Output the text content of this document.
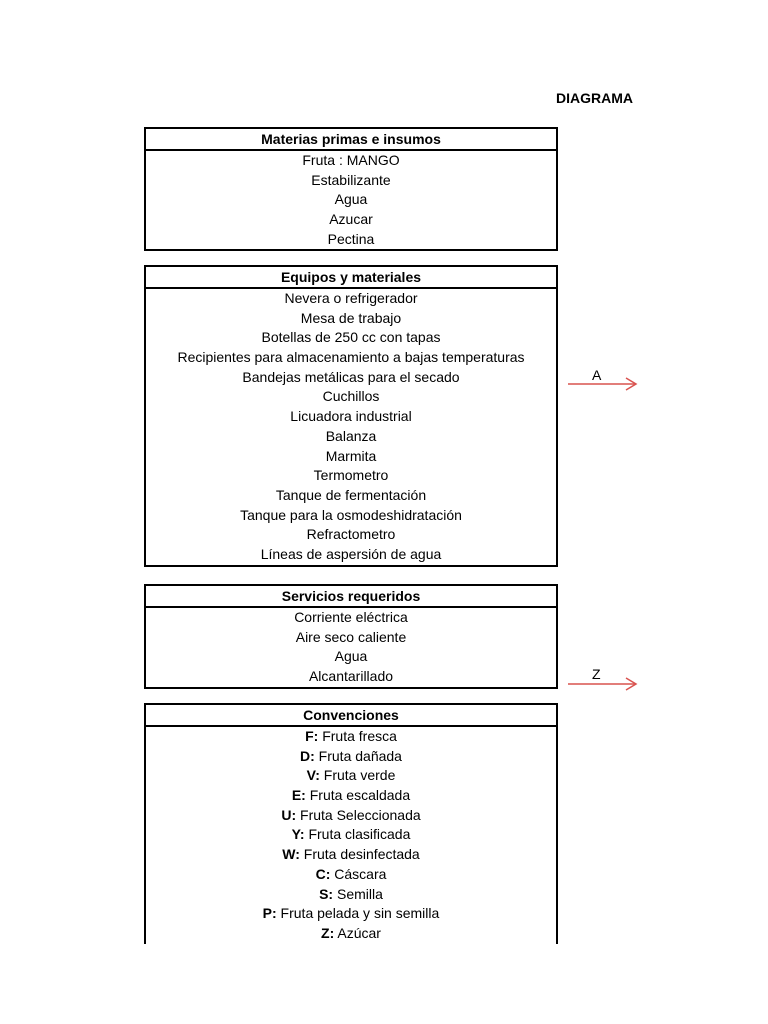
DIAGRAMA
Materias primas e insumos
Fruta : MANGO
Estabilizante
Agua
Azucar
Pectina
Equipos y materiales
Nevera o refrigerador
Mesa de trabajo
Botellas de 250 cc con tapas
Recipientes para almacenamiento a bajas temperaturas
Bandejas metálicas para el secado
Cuchillos
Licuadora industrial
Balanza
Marmita
Termometro
Tanque de fermentación
Tanque para la osmodeshidratación
Refractometro
Líneas de aspersión de agua
Servicios requeridos
Corriente eléctrica
Aire seco caliente
Agua
Alcantarillado
Convenciones
F: Fruta fresca
D: Fruta dañada
V: Fruta verde
E: Fruta escaldada
U: Fruta Seleccionada
Y: Fruta clasificada
W: Fruta desinfectada
C: Cáscara
S: Semilla
P: Fruta pelada y sin semilla
Z: Azúcar
A
Z
